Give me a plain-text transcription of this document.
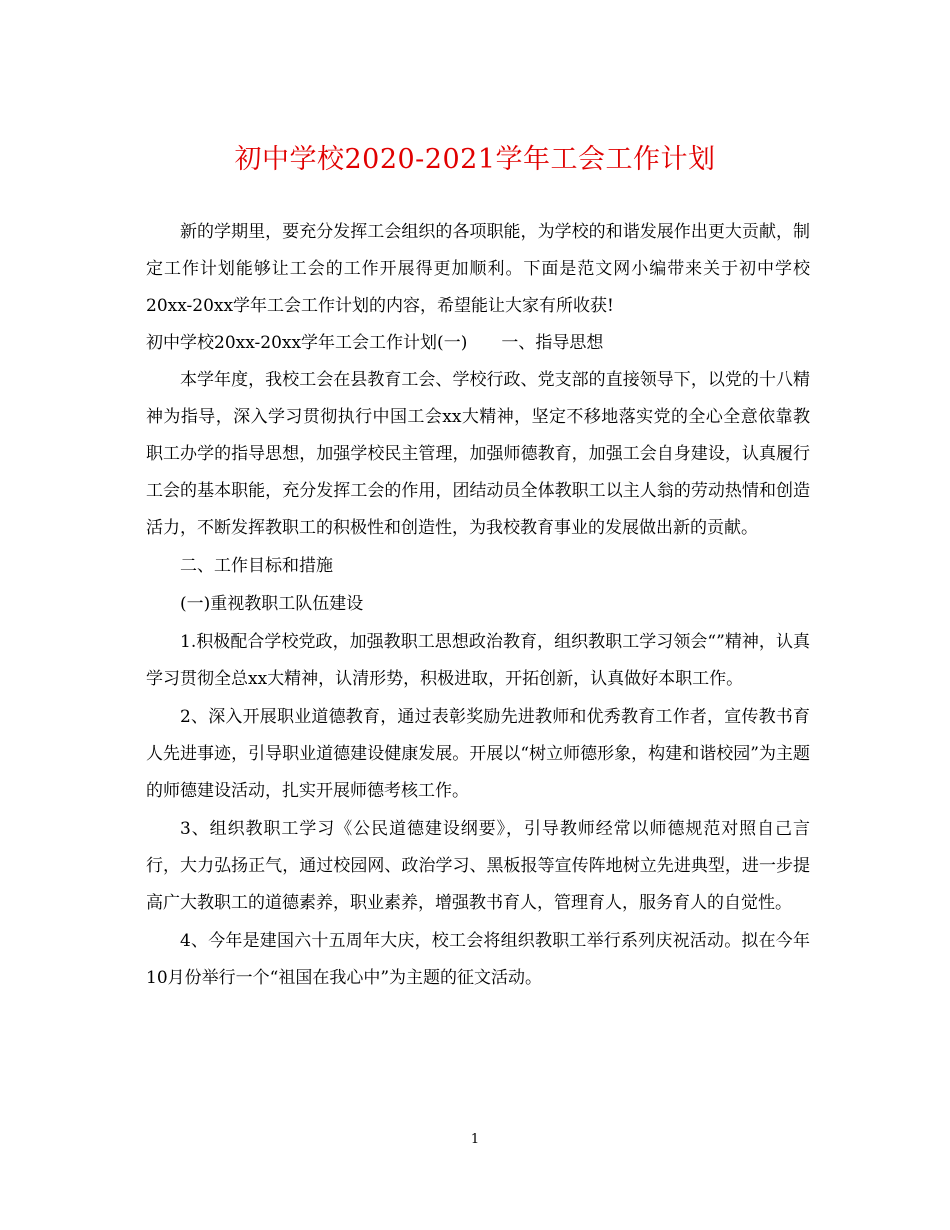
初中学校2020-2021学年工会工作计划

新的学期里，要充分发挥工会组织的各项职能，为学校的和谐发展作出更大贡献，制定工作计划能够让工会的工作开展得更加顺利。下面是范文网小编带来关于初中学校20xx-20xx学年工会工作计划的内容，希望能让大家有所收获!

初中学校20xx-20xx学年工会工作计划(一) 一、指导思想

本学年度，我校工会在县教育工会、学校行政、党支部的直接领导下，以党的十八精神为指导，深入学习贯彻执行中国工会xx大精神，坚定不移地落实党的全心全意依靠教职工办学的指导思想，加强学校民主管理，加强师德教育，加强工会自身建设，认真履行工会的基本职能，充分发挥工会的作用，团结动员全体教职工以主人翁的劳动热情和创造活力，不断发挥教职工的积极性和创造性，为我校教育事业的发展做出新的贡献。

二、工作目标和措施

(一)重视教职工队伍建设

1.积极配合学校党政，加强教职工思想政治教育，组织教职工学习领会“”精神，认真学习贯彻全总xx大精神，认清形势，积极进取，开拓创新，认真做好本职工作。

2、深入开展职业道德教育，通过表彰奖励先进教师和优秀教育工作者，宣传教书育人先进事迹，引导职业道德建设健康发展。开展以“树立师德形象，构建和谐校园”为主题的师德建设活动，扎实开展师德考核工作。

3、组织教职工学习《公民道德建设纲要》，引导教师经常以师德规范对照自己言行，大力弘扬正气，通过校园网、政治学习、黑板报等宣传阵地树立先进典型，进一步提高广大教职工的道德素养，职业素养，增强教书育人，管理育人，服务育人的自觉性。

4、今年是建国六十五周年大庆，校工会将组织教职工举行系列庆祝活动。拟在今年10月份举行一个“祖国在我心中”为主题的征文活动。

1
